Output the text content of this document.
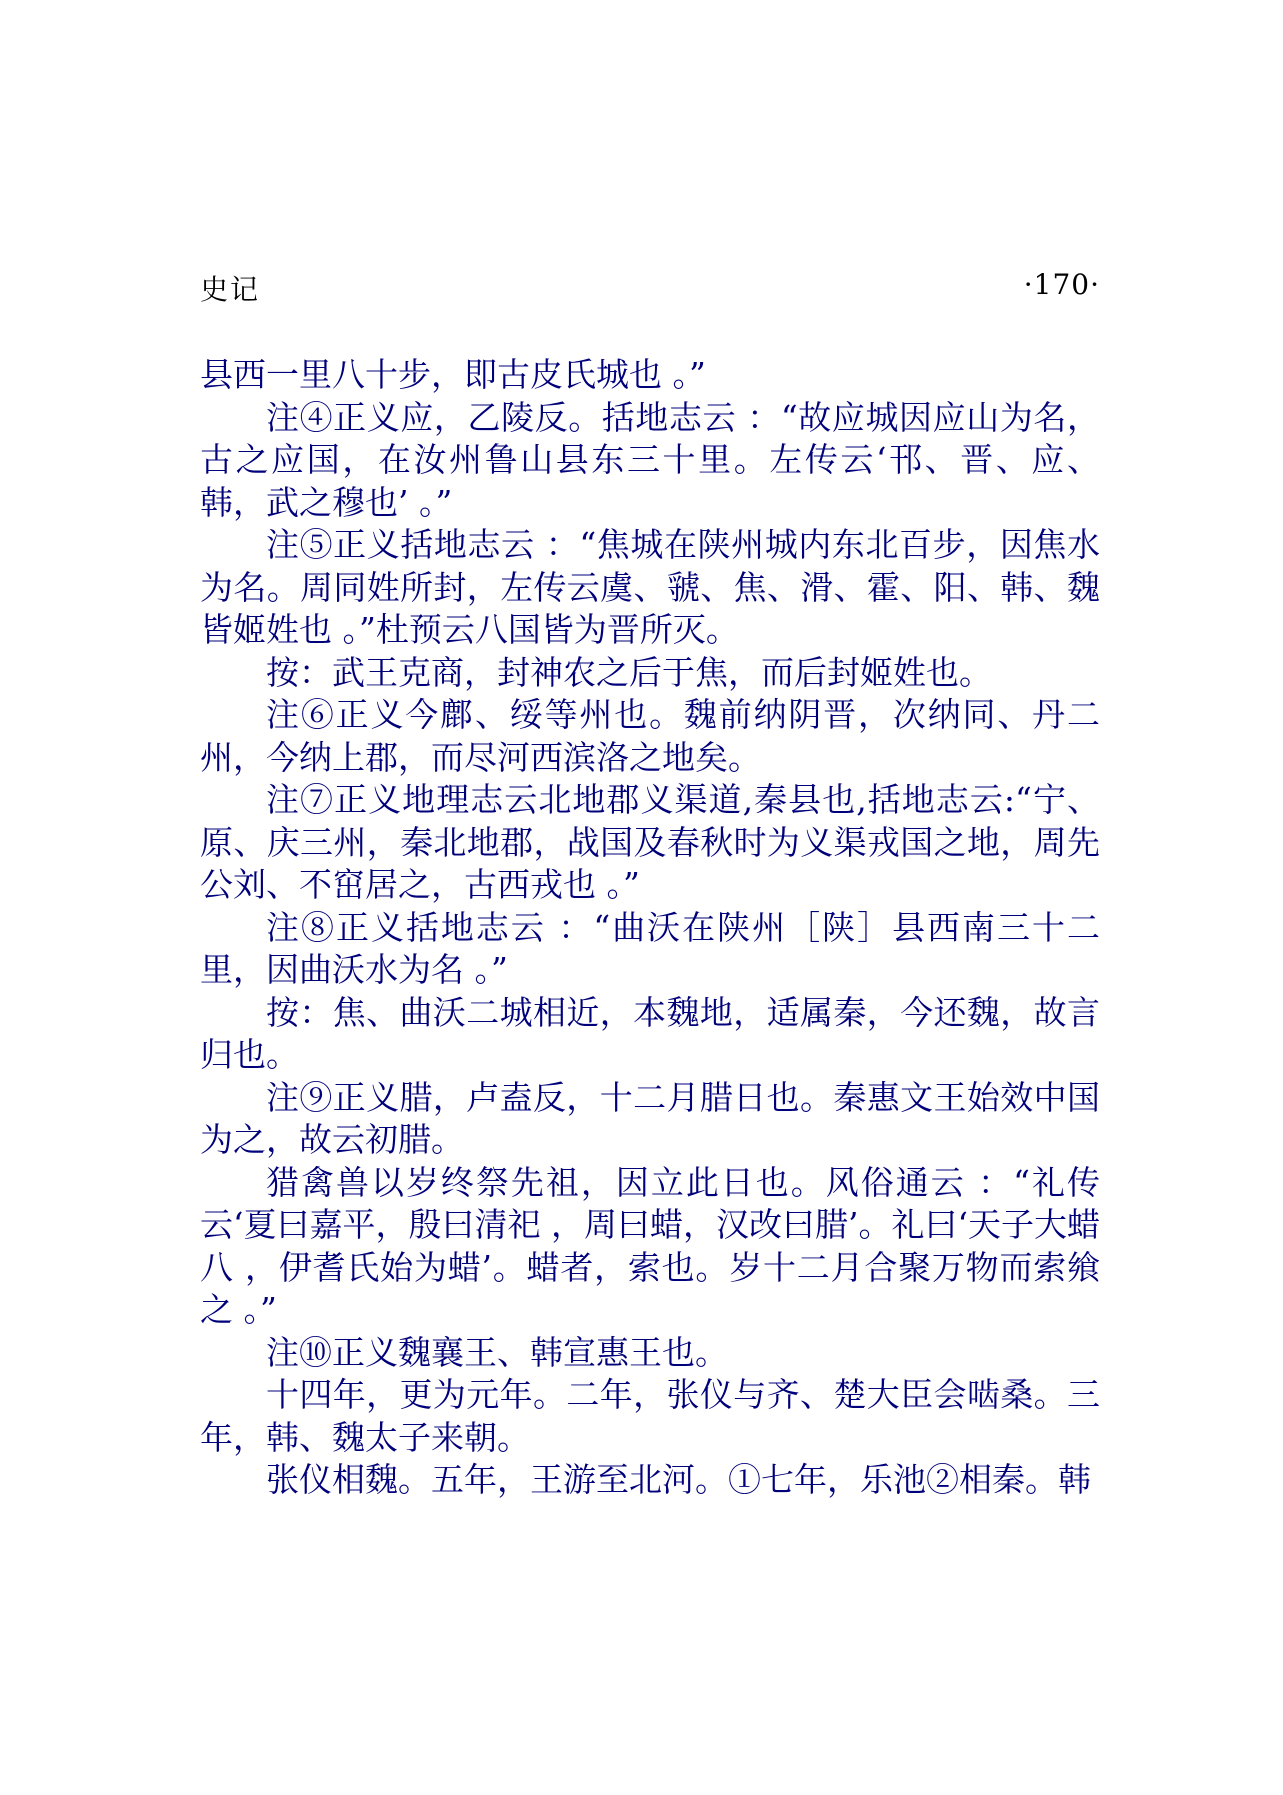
史记	·170·

县西一里八十步，即古皮氏城也 。”

注④正义应，乙陵反。括地志云 ：“故应城因应山为名，古之应国，在汝州鲁山县东三十里。左传云‘邗、晋、应、韩，武之穆也’ 。”

注⑤正义括地志云 ：“焦城在陕州城内东北百步，因焦水为名。周同姓所封，左传云虞、虢、焦、滑、霍、阳、韩、魏皆姬姓也 。”杜预云八国皆为晋所灭。

按：武王克商，封神农之后于焦，而后封姬姓也。

注⑥正义今鄜、绥等州也。魏前纳阴晋，次纳同、丹二州，今纳上郡，而尽河西滨洛之地矣。

注⑦正义地理志云北地郡义渠道,秦县也,括地志云:“宁、原、庆三州，秦北地郡，战国及春秋时为义渠戎国之地，周先公刘、不窋居之，古西戎也 。”

注⑧正义括地志云 ：“曲沃在陕州［陕］县西南三十二里，因曲沃水为名 。”

按：焦、曲沃二城相近，本魏地，适属秦，今还魏，故言归也。

注⑨正义腊，卢盍反，十二月腊日也。秦惠文王始效中国为之，故云初腊。

猎禽兽以岁终祭先祖，因立此日也。风俗通云 ：“礼传云‘夏曰嘉平，殷曰清祀 ，周曰蜡，汉改曰腊’。礼曰‘天子大蜡八 ，伊耆氏始为蜡’。蜡者，索也。岁十二月合聚万物而索飨之 。”

注⑩正义魏襄王、韩宣惠王也。

十四年，更为元年。二年，张仪与齐、楚大臣会啮桑。三年，韩、魏太子来朝。

张仪相魏。五年，王游至北河。①七年，乐池②相秦。韩
